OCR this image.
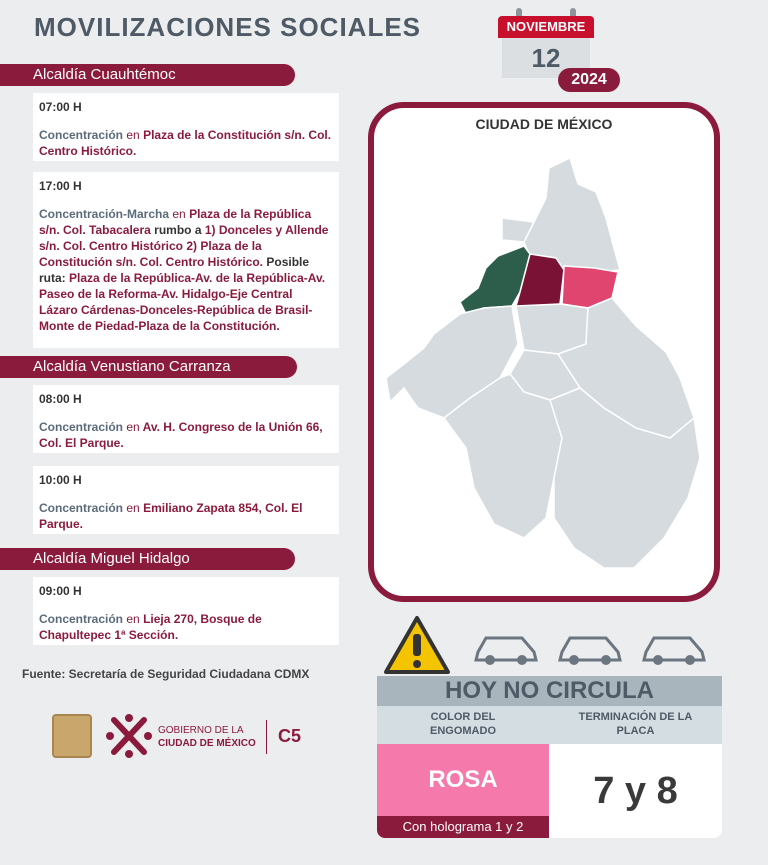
MOVILIZACIONES SOCIALES	NOVIEMBRE
12
2024
Alcaldía Cuauhtémoc
07:00 H
Concentración en Plaza de la Constitución s/n. Col. Centro Histórico.
17:00 H
Concentración-Marcha en Plaza de la República s/n. Col. Tabacalera rumbo a 1) Donceles y Allende s/n. Col. Centro Histórico 2) Plaza de la Constitución s/n. Col. Centro Histórico. Posible ruta: Plaza de la República-Av. de la República-Av. Paseo de la Reforma-Av. Hidalgo-Eje Central Lázaro Cárdenas-Donceles-República de Brasil-Monte de Piedad-Plaza de la Constitución.
Alcaldía Venustiano Carranza
08:00 H
Concentración en Av. H. Congreso de la Unión 66, Col. El Parque.
10:00 H
Concentración en Emiliano Zapata 854, Col. El Parque.
Alcaldía Miguel Hidalgo
09:00 H
Concentración en Lieja 270, Bosque de Chapultepec 1ª Sección.
Fuente: Secretaría de Seguridad Ciudadana CDMX
GOBIERNO DE LA
CIUDAD DE MÉXICO C5
CIUDAD DE MÉXICO
HOY NO CIRCULA
COLOR DEL ENGOMADO
TERMINACIÓN DE LA PLACA
ROSA
Con holograma 1 y 2
7 y 8
